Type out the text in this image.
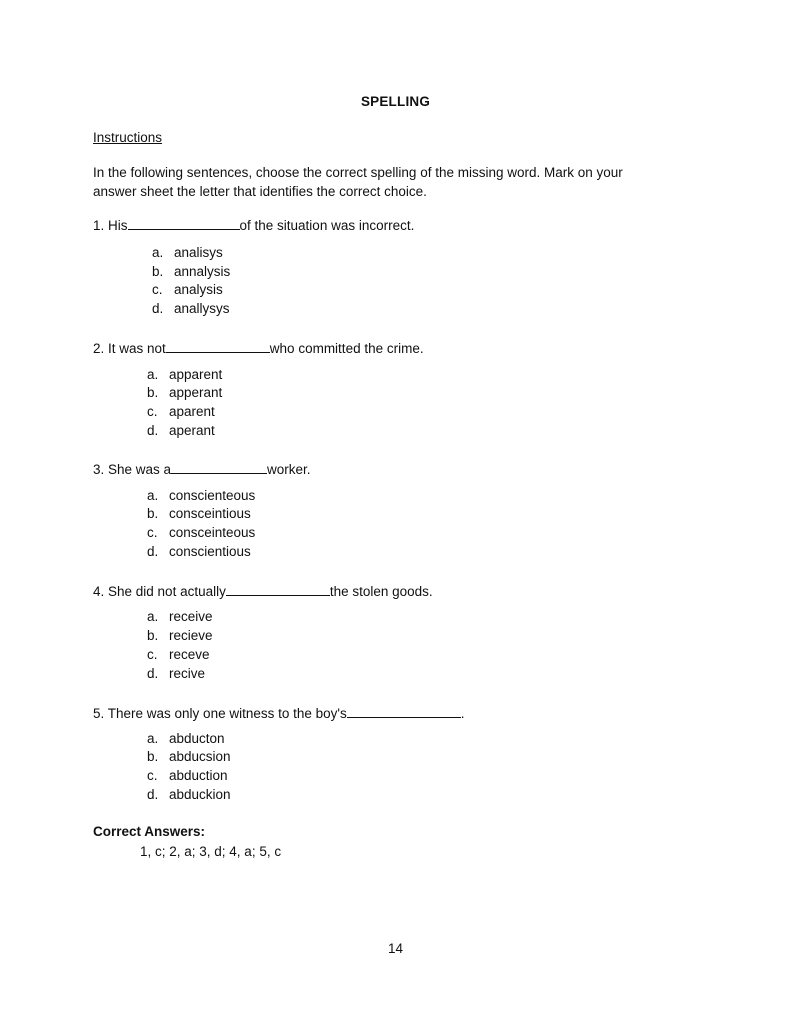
SPELLING
Instructions
In the following sentences, choose the correct spelling of the missing word. Mark on your
answer sheet the letter that identifies the correct choice.
1. His	of the situation was incorrect.
a. analisys
b. annalysis
c. analysis
d. anallysys
2. It was not	who committed the crime.
a. apparent
b. apperant
c. aparent
d. aperant
3. She was a	worker.
a. conscienteous
b. consceintious
c. consceinteous
d. conscientious
4. She did not actually	the stolen goods.
a. receive
b. recieve
c. receve
d. recive
5. There was only one witness to the boy's	.
a. abducton
b. abducsion
c. abduction
d. abduckion
Correct Answers:
1, c; 2, a; 3, d; 4, a; 5, c
14
